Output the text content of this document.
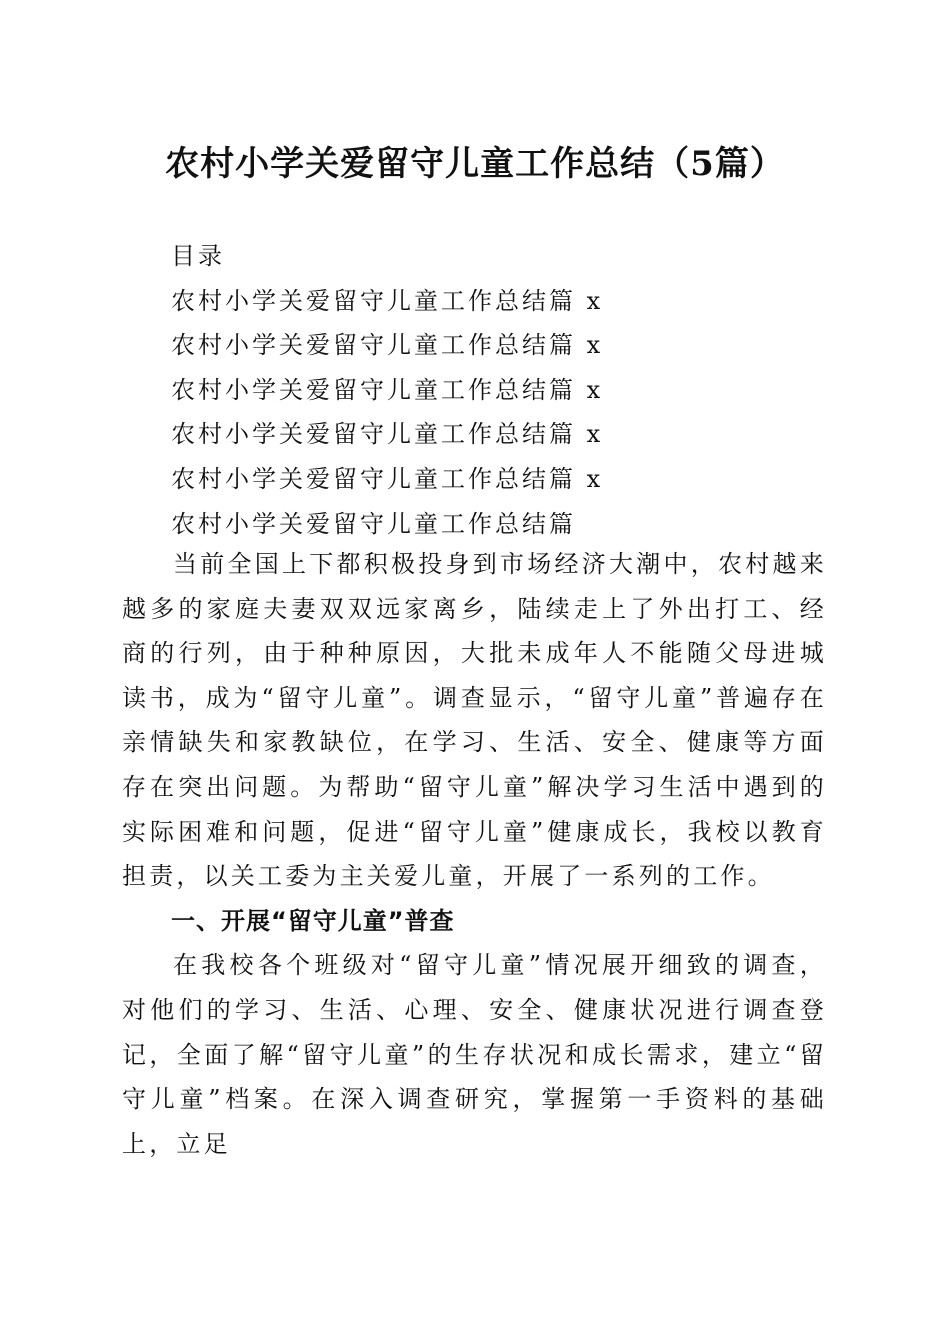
农村小学关爱留守儿童工作总结（5篇）
目录
农村小学关爱留守儿童工作总结篇 x
农村小学关爱留守儿童工作总结篇 x
农村小学关爱留守儿童工作总结篇 x
农村小学关爱留守儿童工作总结篇 x
农村小学关爱留守儿童工作总结篇 x
农村小学关爱留守儿童工作总结篇

当前全国上下都积极投身到市场经济大潮中，农村越来越多的家庭夫妻双双远家离乡，陆续走上了外出打工、经商的行列，由于种种原因，大批未成年人不能随父母进城读书，成为“留守儿童”。调查显示，“留守儿童”普遍存在亲情缺失和家教缺位，在学习、生活、安全、健康等方面存在突出问题。为帮助“留守儿童”解决学习生活中遇到的实际困难和问题，促进“留守儿童”健康成长，我校以教育担责，以关工委为主关爱儿童，开展了一系列的工作。

一、开展“留守儿童”普查

在我校各个班级对“留守儿童”情况展开细致的调查，对他们的学习、生活、心理、安全、健康状况进行调查登记，全面了解“留守儿童”的生存状况和成长需求，建立“留守儿童”档案。在深入调查研究，掌握第一手资料的基础上，立足
